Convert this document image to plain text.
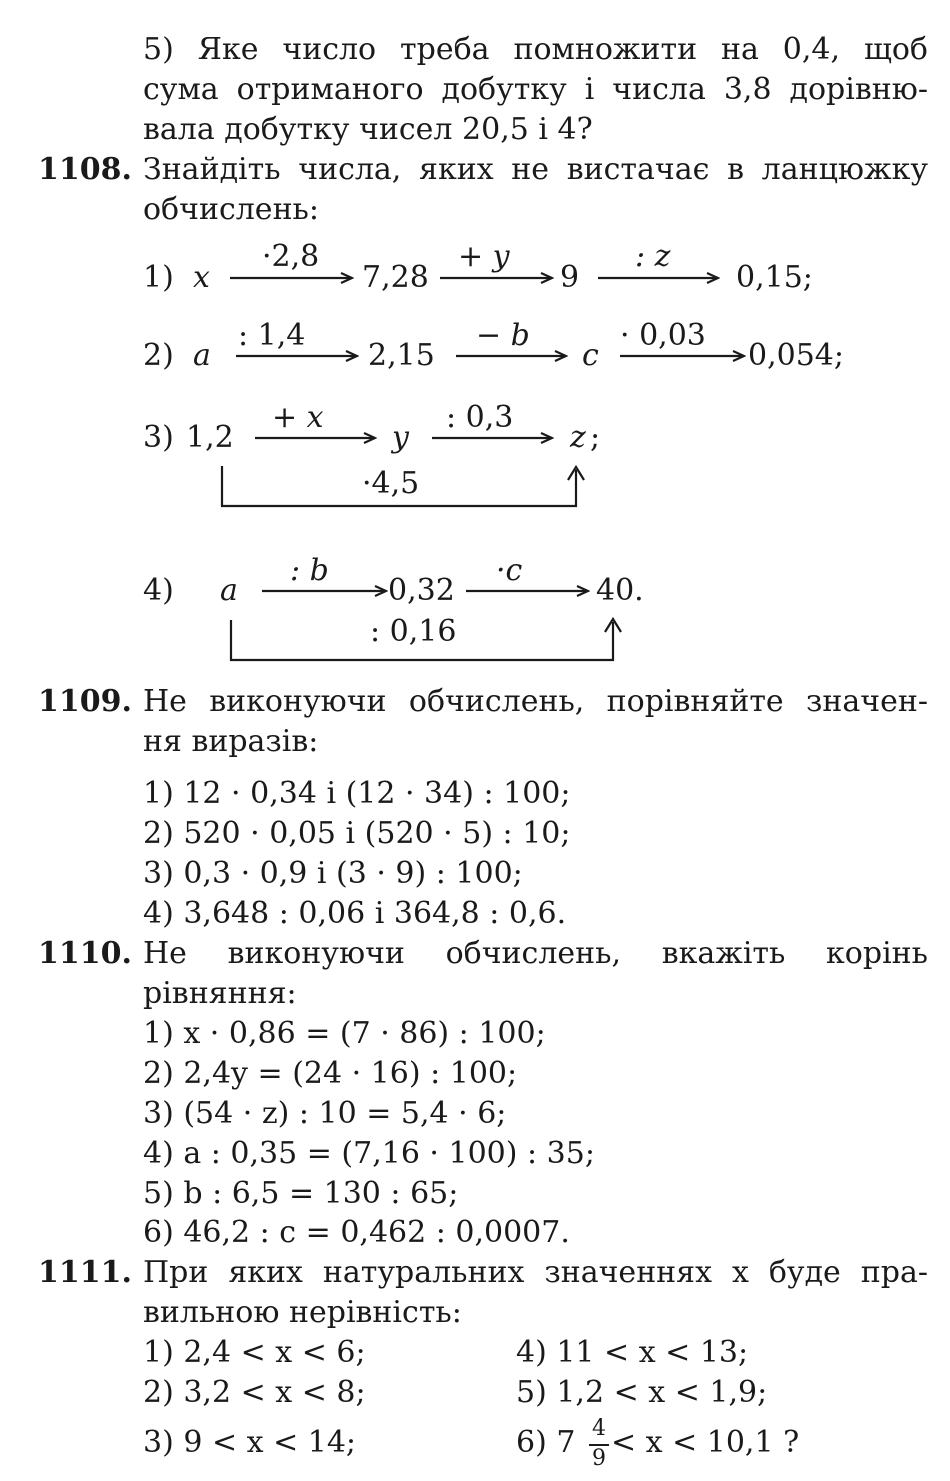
5) Яке число треба помножити на 0,4, щоб
сума отриманого добутку і числа 3,8 дорівню-
вала добутку чисел 20,5 і 4?
1108. Знайдіть числа, яких не вистачає в ланцюжку
обчислень:
1) x
·2,8
7,28
+ y
9
: z
0,15;
2) a
: 1,4
2,15
− b
c
· 0,03
0,054;
3) 1,2
+ x
y
: 0,3
z ;
·4,5
4) a
: b
0,32
·c
40.
: 0,16
1109. Не виконуючи обчислень, порівняйте значен-
ня виразів:
1) 12 · 0,34 і (12 · 34) : 100;
2) 520 · 0,05 і (520 · 5) : 10;
3) 0,3 · 0,9 і (3 · 9) : 100;
4) 3,648 : 0,06 і 364,8 : 0,6.
1110. Не виконуючи обчислень, вкажіть корінь
рівняння:
1) x · 0,86 = (7 · 86) : 100;
2) 2,4y = (24 · 16) : 100;
3) (54 · z) : 10 = 5,4 · 6;
4) a : 0,35 = (7,16 · 100) : 35;
5) b : 6,5 = 130 : 65;
6) 46,2 : c = 0,462 : 0,0007.
1111. При яких натуральних значеннях x буде пра-
вильною нерівність:
1) 2,4 < x < 6;
2) 3,2 < x < 8;
3) 9 < x < 14;
4) 11 < x < 13;
5) 1,2 < x < 1,9;
6) 7 < x < 10,1 ?
4
9
